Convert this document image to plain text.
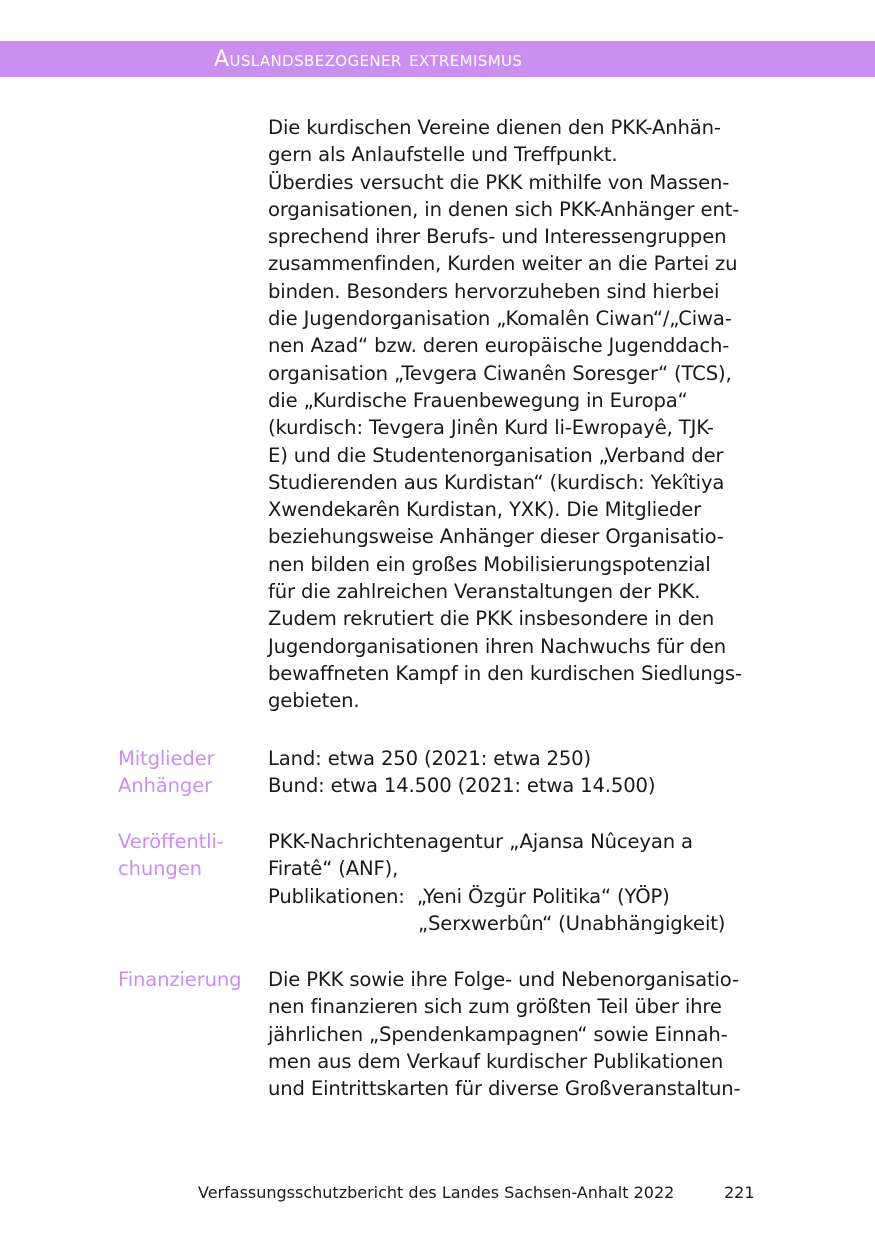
Auslandsbezogener extremismus
Die kurdischen Vereine dienen den PKK-Anhän-
gern als Anlaufstelle und Treffpunkt.
Überdies versucht die PKK mithilfe von Massen-
organisationen, in denen sich PKK-Anhänger ent-
sprechend ihrer Berufs- und Interessengruppen
zusammenfinden, Kurden weiter an die Partei zu
binden. Besonders hervorzuheben sind hierbei
die Jugendorganisation „Komalên Ciwan“/„Ciwa-
nen Azad“ bzw. deren europäische Jugenddach-
organisation „Tevgera Ciwanên Soresger“ (TCS),
die „Kurdische Frauenbewegung in Europa“
(kurdisch: Tevgera Jinên Kurd li-Ewropayê, TJK-
E) und die Studentenorganisation „Verband der
Studierenden aus Kurdistan“ (kurdisch: Yekîtiya
Xwendekarên Kurdistan, YXK). Die Mitglieder
beziehungsweise Anhänger dieser Organisatio-
nen bilden ein großes Mobilisierungspotenzial
für die zahlreichen Veranstaltungen der PKK.
Zudem rekrutiert die PKK insbesondere in den
Jugendorganisationen ihren Nachwuchs für den
bewaffneten Kampf in den kurdischen Siedlungs-
gebieten.
Mitglieder
Anhänger
Land: etwa 250 (2021: etwa 250)
Bund: etwa 14.500 (2021: etwa 14.500)
Veröffentli-
chungen
PKK-Nachrichtenagentur „Ajansa Nûceyan a
Firatê“ (ANF),
Publikationen:  „Yeni Özgür Politika“ (YÖP)
„Serxwerbûn“ (Unabhängigkeit)
Finanzierung	Die PKK sowie ihre Folge- und Nebenorganisatio-
nen finanzieren sich zum größten Teil über ihre
jährlichen „Spendenkampagnen“ sowie Einnah-
men aus dem Verkauf kurdischer Publikationen
und Eintrittskarten für diverse Großveranstaltun-
Verfassungsschutzbericht des Landes Sachsen-Anhalt 2022	221
